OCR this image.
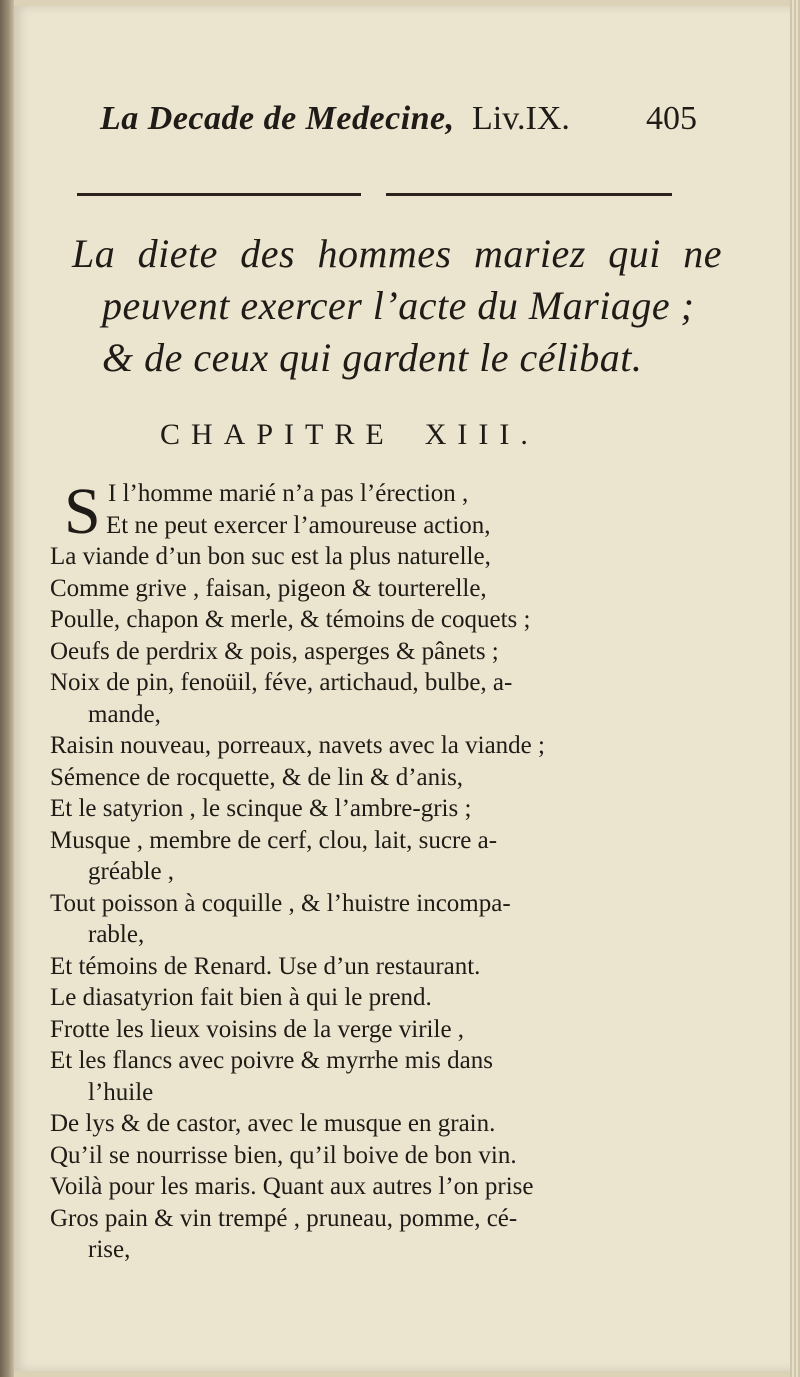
La Decade de Medecine, Liv.IX. 405
La diete des hommes mariez qui ne
peuvent exercer l’acte du Mariage ;
& de ceux qui gardent le célibat.
CHAPITRE XIII.
S I l’homme marié n’a pas l’érection ,
Et ne peut exercer l’amoureuse action,
La viande d’un bon suc est la plus naturelle,
Comme grive , faisan, pigeon & tourterelle,
Poulle, chapon & merle, & témoins de coquets ;
Oeufs de perdrix & pois, asperges & pânets ;
Noix de pin, fenoüil, féve, artichaud, bulbe, a-
mande,
Raisin nouveau, porreaux, navets avec la viande ;
Sémence de rocquette, & de lin & d’anis,
Et le satyrion , le scinque & l’ambre-gris ;
Musque , membre de cerf, clou, lait, sucre a-
gréable ,
Tout poisson à coquille , & l’huistre incompa-
rable,
Et témoins de Renard. Use d’un restaurant.
Le diasatyrion fait bien à qui le prend.
Frotte les lieux voisins de la verge virile ,
Et les flancs avec poivre & myrrhe mis dans
l’huile
De lys & de castor, avec le musque en grain.
Qu’il se nourrisse bien, qu’il boive de bon vin.
Voilà pour les maris. Quant aux autres l’on prise
Gros pain & vin trempé , pruneau, pomme, cé-
rise,
